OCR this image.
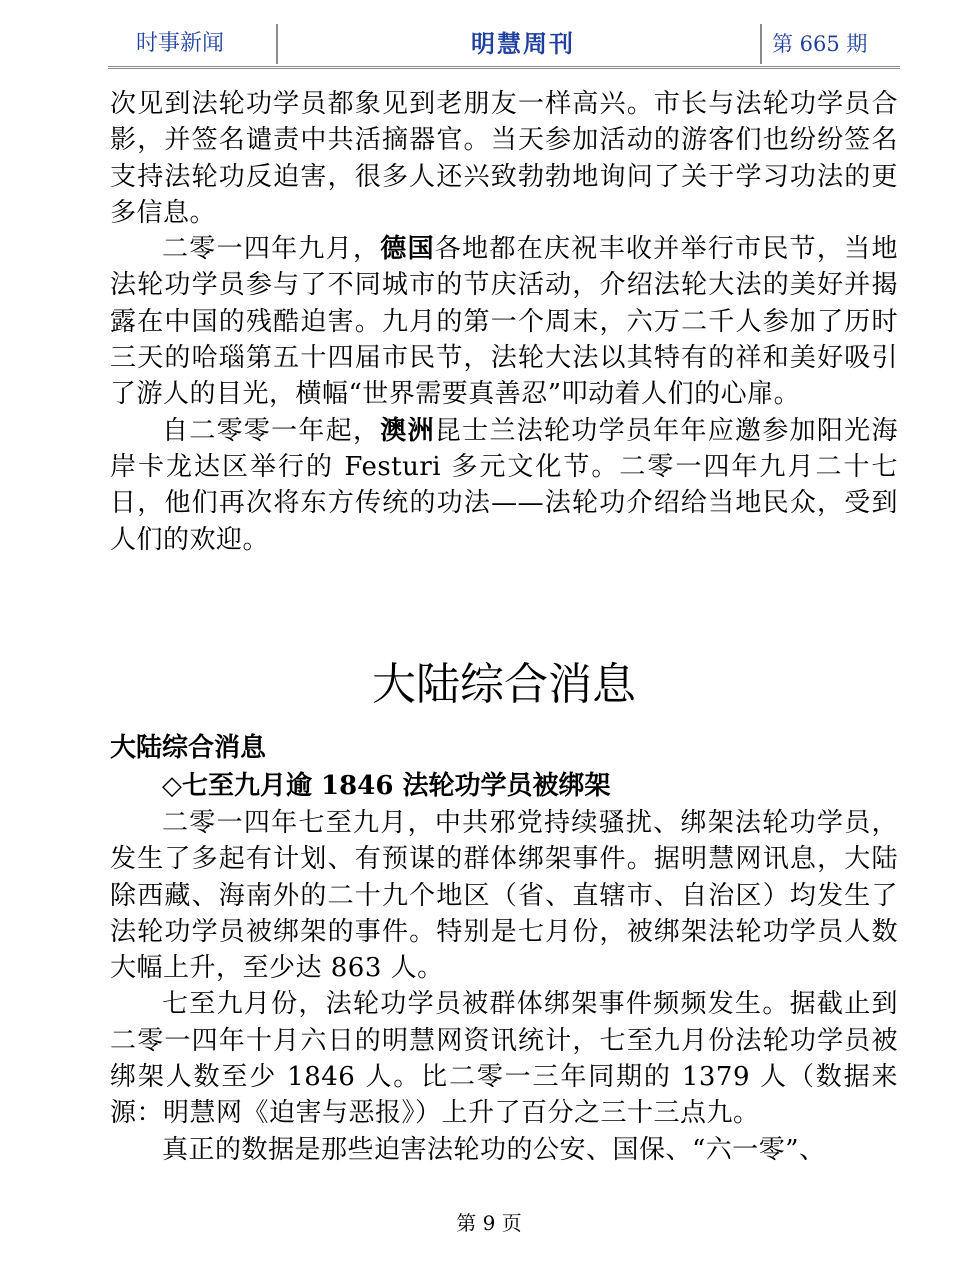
时事新闻	明慧周刊	第 665 期

次见到法轮功学员都象见到老朋友一样高兴。市长与法轮功学员合影，并签名谴责中共活摘器官。当天参加活动的游客们也纷纷签名支持法轮功反迫害，很多人还兴致勃勃地询问了关于学习功法的更多信息。

二零一四年九月，德国各地都在庆祝丰收并举行市民节，当地法轮功学员参与了不同城市的节庆活动，介绍法轮大法的美好并揭露在中国的残酷迫害。九月的第一个周末，六万二千人参加了历时三天的哈瑙第五十四届市民节，法轮大法以其特有的祥和美好吸引了游人的目光，横幅“世界需要真善忍”叩动着人们的心扉。

自二零零一年起，澳洲昆士兰法轮功学员年年应邀参加阳光海岸卡龙达区举行的 Festuri 多元文化节。二零一四年九月二十七日，他们再次将东方传统的功法——法轮功介绍给当地民众，受到人们的欢迎。

大陆综合消息

大陆综合消息

◇七至九月逾 1846 法轮功学员被绑架

二零一四年七至九月，中共邪党持续骚扰、绑架法轮功学员，发生了多起有计划、有预谋的群体绑架事件。据明慧网讯息，大陆除西藏、海南外的二十九个地区（省、直辖市、自治区）均发生了法轮功学员被绑架的事件。特别是七月份，被绑架法轮功学员人数大幅上升，至少达 863 人。

七至九月份，法轮功学员被群体绑架事件频频发生。据截止到二零一四年十月六日的明慧网资讯统计，七至九月份法轮功学员被绑架人数至少 1846 人。比二零一三年同期的 1379 人（数据来源：明慧网《迫害与恶报》）上升了百分之三十三点九。

真正的数据是那些迫害法轮功的公安、国保、“六一零”、

第 9 页
